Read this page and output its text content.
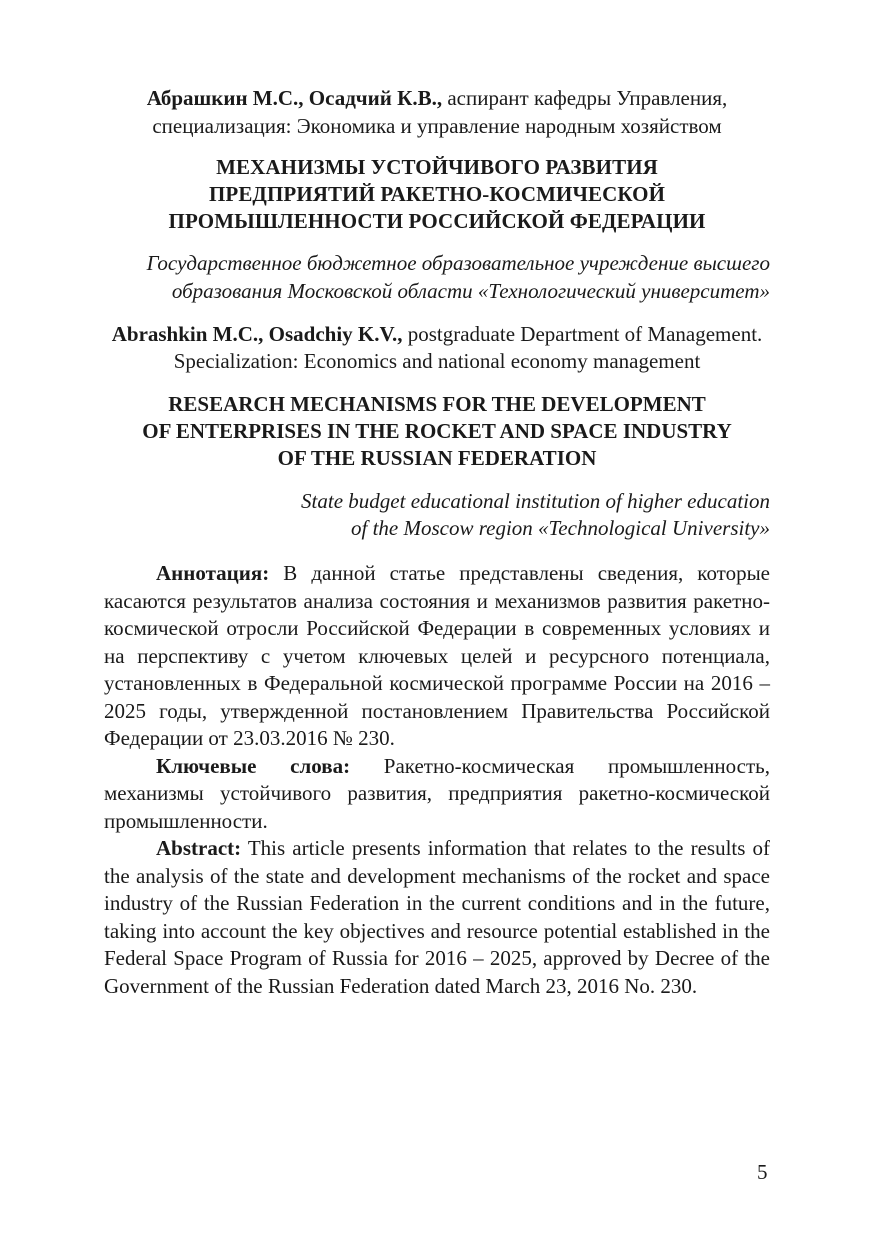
Абрашкин М.С., Осадчий К.В., аспирант кафедры Управления, специализация: Экономика и управление народным хозяйством

МЕХАНИЗМЫ УСТОЙЧИВОГО РАЗВИТИЯ
ПРЕДПРИЯТИЙ РАКЕТНО-КОСМИЧЕСКОЙ
ПРОМЫШЛЕННОСТИ РОССИЙСКОЙ ФЕДЕРАЦИИ

Государственное бюджетное образовательное учреждение высшего образования Московской области «Технологический университет»

Abrashkin M.C., Osadchiy K.V., postgraduate Department of Management. Specialization: Economics and national economy management

RESEARCH MECHANISMS FOR THE DEVELOPMENT
OF ENTERPRISES IN THE ROCKET AND SPACE INDUSTRY
OF THE RUSSIAN FEDERATION
State budget educational institution of higher education
of the Moscow region «Technological University»

Аннотация: В данной статье представлены сведения, которые касаются результатов анализа состояния и механизмов развития ракетно-космической отросли Российской Федерации в современных условиях и на перспективу с учетом ключевых целей и ресурсного потенциала, установленных в Федеральной космической программе России на 2016 – 2025 годы, утвержденной постановлением Правительства Российской Федерации от 23.03.2016 № 230.

Ключевые слова: Ракетно-космическая промышленность, механизмы устойчивого развития, предприятия ракетно-космической промышленности.

Abstract: This article presents information that relates to the results of the analysis of the state and development mechanisms of the rocket and space industry of the Russian Federation in the current conditions and in the future, taking into account the key objectives and resource potential established in the Federal Space Program of Russia for 2016 – 2025, approved by Decree of the Government of the Russian Federation dated March 23, 2016 No. 230.

5
